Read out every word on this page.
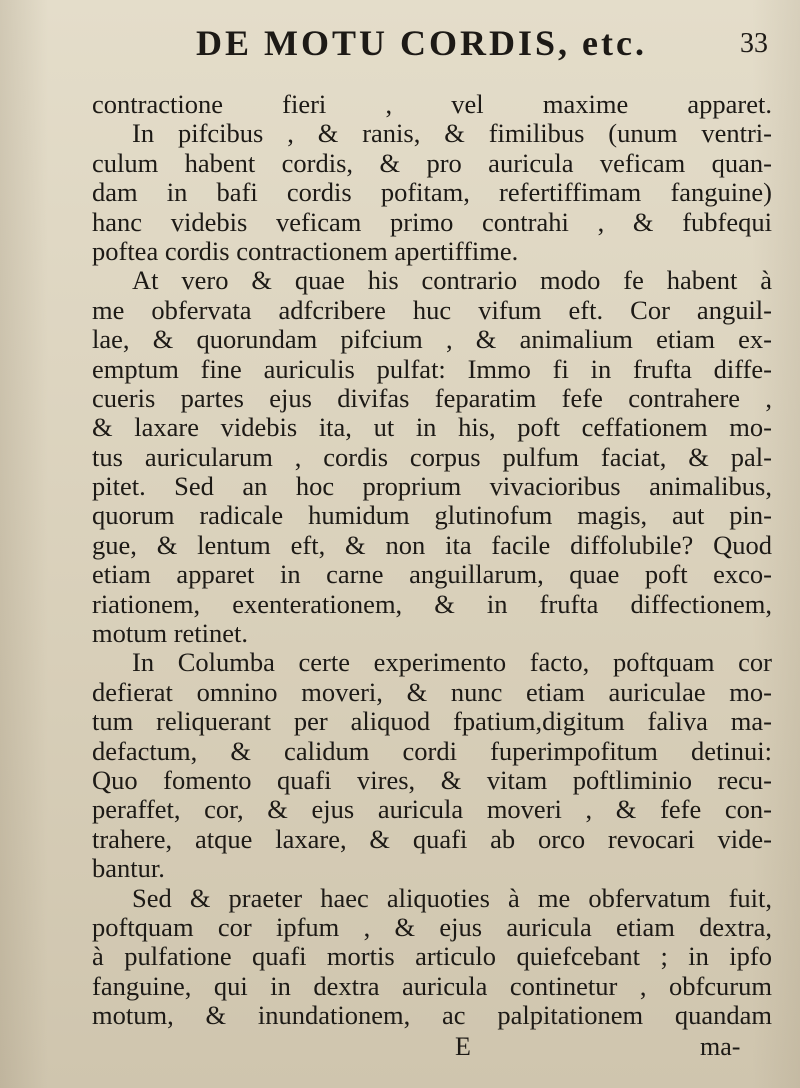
DE MOTU CORDIS, etc.	33
contractione fieri , vel maxime apparet.
In pifcibus , & ranis, & fimilibus (unum ventri-
culum habent cordis, & pro auricula veficam quan-
dam in bafi cordis pofitam, refertiffimam fanguine)
hanc videbis veficam primo contrahi , & fubfequi
poftea cordis contractionem apertiffime.
At vero & quae his contrario modo fe habent à
me obfervata adfcribere huc vifum eft. Cor anguil-
lae, & quorundam pifcium , & animalium etiam ex-
emptum fine auriculis pulfat: Immo fi in frufta diffe-
cueris partes ejus divifas feparatim fefe contrahere ,
& laxare videbis ita, ut in his, poft ceffationem mo-
tus auricularum , cordis corpus pulfum faciat, & pal-
pitet. Sed an hoc proprium vivacioribus animalibus,
quorum radicale humidum glutinofum magis, aut pin-
gue, & lentum eft, & non ita facile diffolubile? Quod
etiam apparet in carne anguillarum, quae poft exco-
riationem, exenterationem, & in frufta diffectionem,
motum retinet.
In Columba certe experimento facto, poftquam cor
defierat omnino moveri, & nunc etiam auriculae mo-
tum reliquerant per aliquod fpatium,digitum faliva ma-
defactum, & calidum cordi fuperimpofitum detinui:
Quo fomento quafi vires, & vitam poftliminio recu-
peraffet, cor, & ejus auricula moveri , & fefe con-
trahere, atque laxare, & quafi ab orco revocari vide-
bantur.
Sed & praeter haec aliquoties à me obfervatum fuit,
poftquam cor ipfum , & ejus auricula etiam dextra,
à pulfatione quafi mortis articulo quiefcebant ; in ipfo
fanguine, qui in dextra auricula continetur , obfcurum
motum, & inundationem, ac palpitationem quandam
E	ma-
